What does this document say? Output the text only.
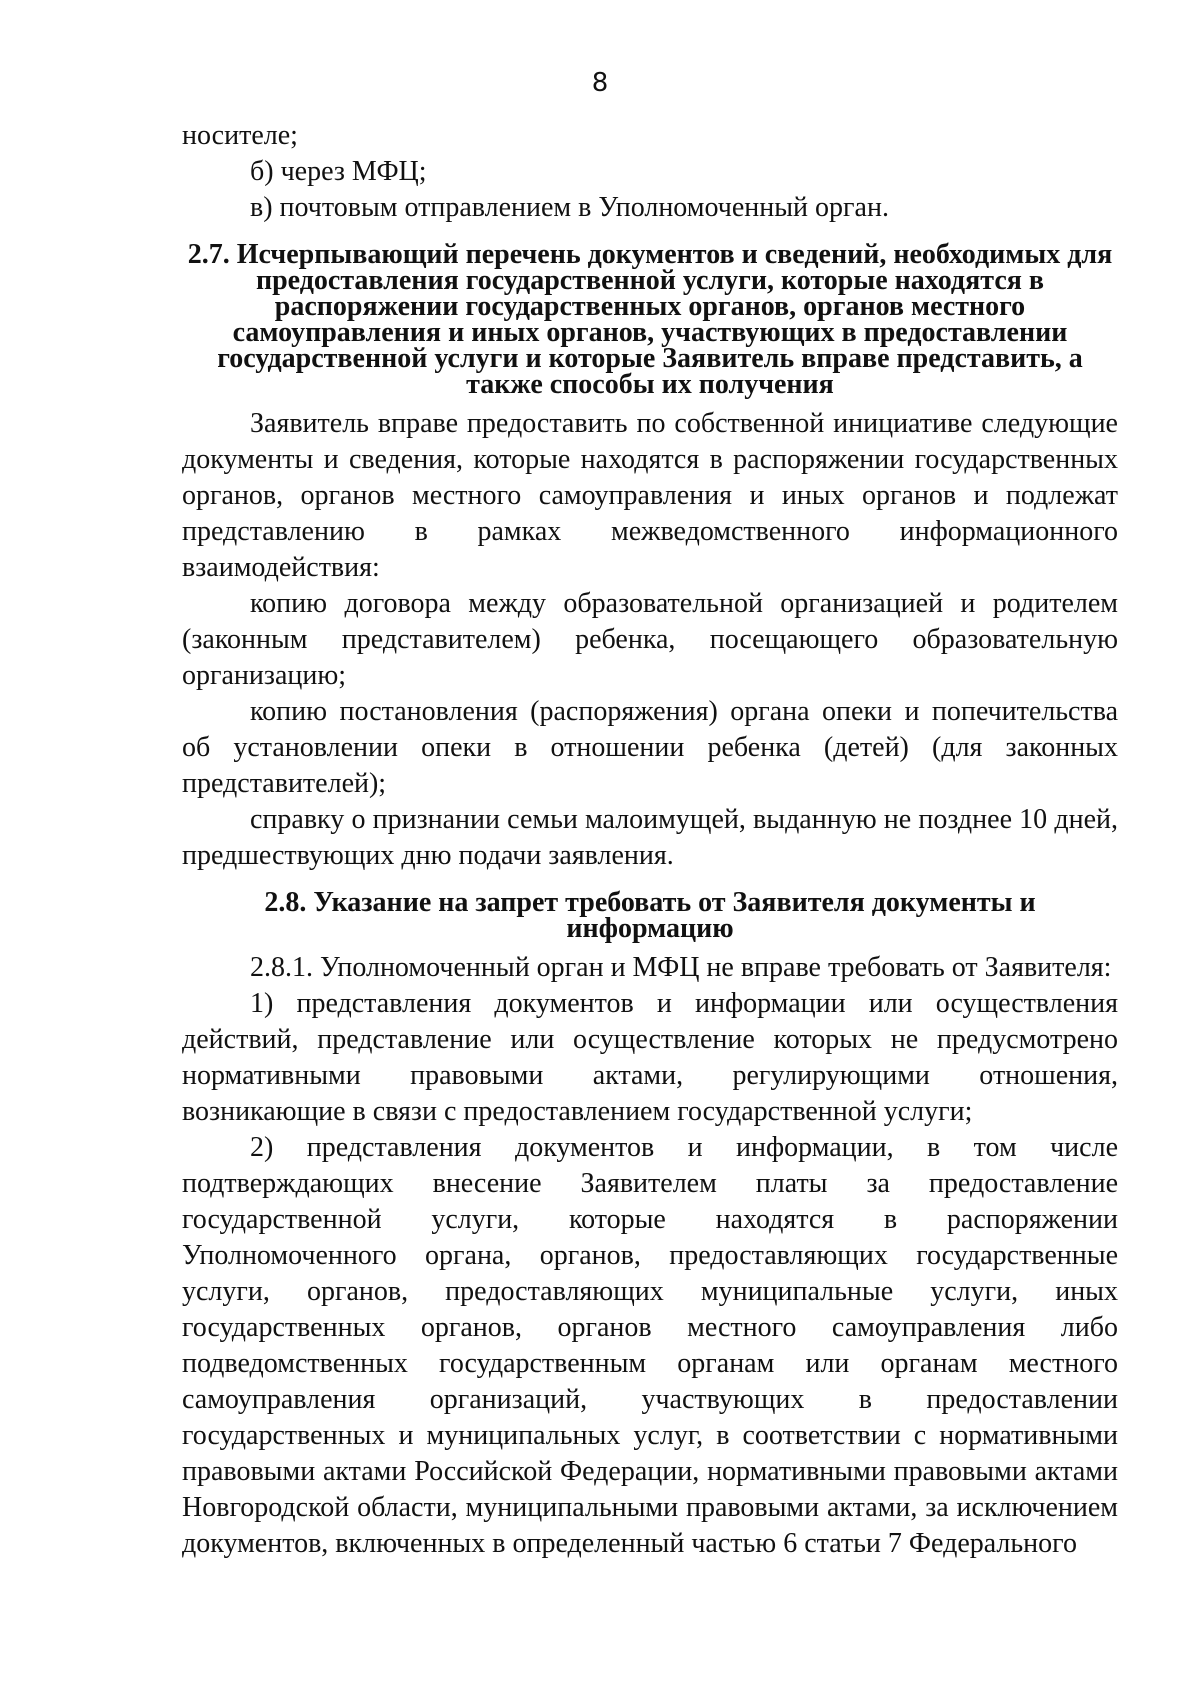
8

носителе;

б) через МФЦ;

в) почтовым отправлением в Уполномоченный орган.

2.7. Исчерпывающий перечень документов и сведений, необходимых для предоставления государственной услуги, которые находятся в распоряжении государственных органов, органов местного самоуправления и иных органов, участвующих в предоставлении государственной услуги и которые Заявитель вправе представить, а также способы их получения

Заявитель вправе предоставить по собственной инициативе следующие документы и сведения, которые находятся в распоряжении государственных органов, органов местного самоуправления и иных органов и подлежат представлению в рамках межведомственного информационного взаимодействия:

копию договора между образовательной организацией и родителем (законным представителем) ребенка, посещающего образовательную организацию;

копию постановления (распоряжения) органа опеки и попечительства об установлении опеки в отношении ребенка (детей) (для законных представителей);

справку о признании семьи малоимущей, выданную не позднее 10 дней, предшествующих дню подачи заявления.

2.8. Указание на запрет требовать от Заявителя документы и информацию

2.8.1. Уполномоченный орган и МФЦ не вправе требовать от Заявителя:

1) представления документов и информации или осуществления действий, представление или осуществление которых не предусмотрено нормативными правовыми актами, регулирующими отношения, возникающие в связи с предоставлением государственной услуги;

2) представления документов и информации, в том числе подтверждающих внесение Заявителем платы за предоставление государственной услуги, которые находятся в распоряжении Уполномоченного органа, органов, предоставляющих государственные услуги, органов, предоставляющих муниципальные услуги, иных государственных органов, органов местного самоуправления либо подведомственных государственным органам или органам местного самоуправления организаций, участвующих в предоставлении государственных и муниципальных услуг, в соответствии с нормативными правовыми актами Российской Федерации, нормативными правовыми актами Новгородской области, муниципальными правовыми актами, за исключением документов, включенных в определенный частью 6 статьи 7 Федерального
